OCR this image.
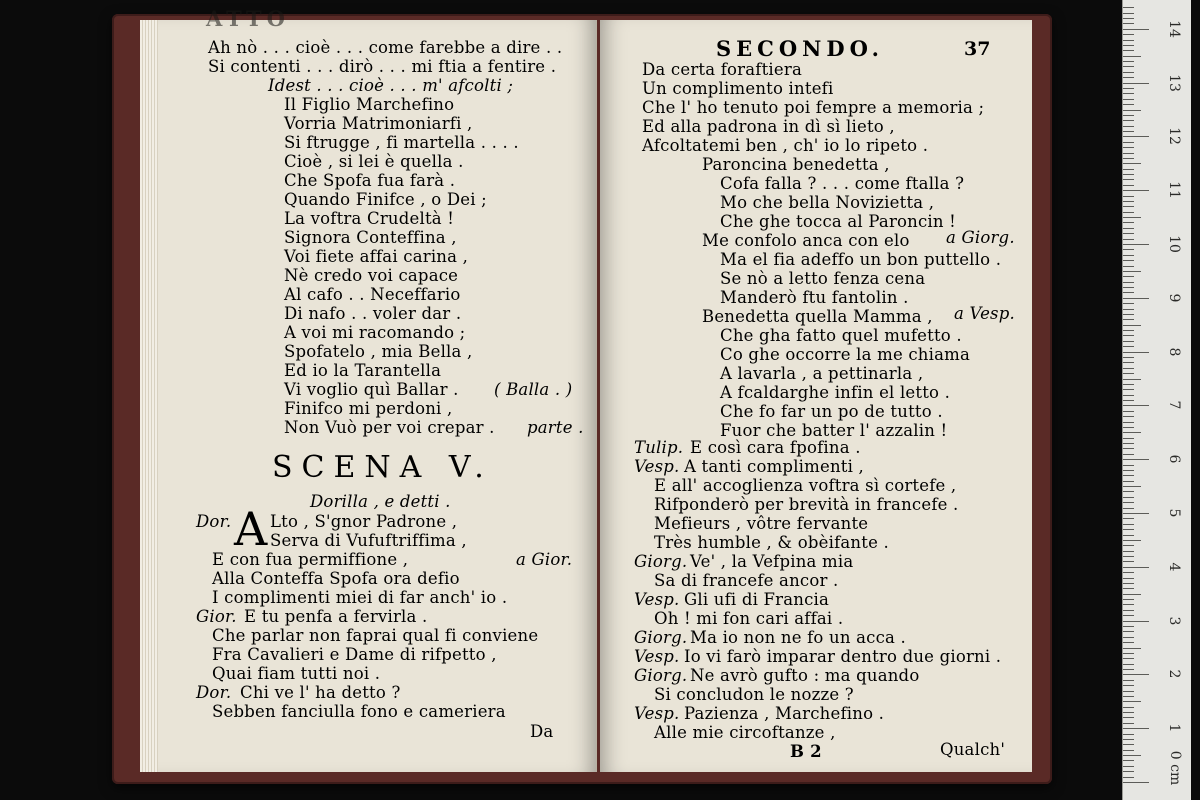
ATTO
Ah nò . . . cioè . . . come farebbe a dire . .
Si contenti . . . dirò . . . mi ftia a fentire .
Idest . . . cioè . . . m' afcolti ;
Il Figlio Marchefino
Vorria Matrimoniarfi ,
Si ftrugge , fi martella . . . .
Cioè , si lei è quella .
Che Spofa fua farà .
Quando Finifce , o Dei ;
La voftra Crudeltà !
Signora Conteffina ,
Voi fiete affai carina ,
Nè credo voi capace
Al cafo . . Neceffario
Di nafo . . voler dar .
A voi mi racomando ;
Spofatelo , mia Bella ,
Ed io la Tarantella
Vi voglio quì Ballar .
Finifco mi perdoni ,
Non Vuò per voi crepar .
( Balla . )
parte .
SCENA V.
Dorilla , e detti .
Dor. A Lto , S'gnor Padrone ,
Serva di Vufuftriffima ,
E con fua permiffione ,	a Gior.
Alla Conteffa Spofa ora defio
I complimenti miei di far anch' io .
Gior. E tu penfa a fervirla .
Che parlar non faprai qual fi conviene
Fra Cavalieri e Dame di rifpetto ,
Quai fiam tutti noi .
Dor. Chi ve l' ha detto ?
Sebben fanciulla fono e cameriera
Da
SECONDO.	37
Da certa foraftiera
Un complimento intefi
Che l' ho tenuto poi fempre a memoria ;
Ed alla padrona in dì sì lieto ,
Afcoltatemi ben , ch' io lo ripeto .
Paroncina benedetta ,
Cofa falla ? . . . come ftalla ?
Mo che bella Novizietta ,
Che ghe tocca al Paroncin !
Me confolo anca con elo
Ma el fia adeffo un bon puttello .
Se nò a letto fenza cena
Manderò ftu fantolin .
Benedetta quella Mamma ,
Che gha fatto quel mufetto .
Co ghe occorre la me chiama
A lavarla , a pettinarla ,
A fcaldarghe infin el letto .
Che fo far un po de tutto .
Fuor che batter l' azzalin !
a Giorg.
a Vesp.
Tulip. E così cara fpofina .
Vesp. A tanti complimenti ,
E all' accoglienza voftra sì cortefe ,
Rifponderò per brevità in francefe .
Mefieurs , vôtre fervante
Très humble , & obèifante .
Giorg. Ve' , la Vefpina mia
Sa di francefe ancor .
Vesp. Gli ufi di Francia
Oh ! mi fon cari affai .
Giorg. Ma io non ne fo un acca .
Vesp. Io vi farò imparar dentro due giorni .
Giorg. Ne avrò gufto : ma quando
Si concludon le nozze ?
Vesp. Pazienza , Marchefino .
Alle mie circoftanze ,
B 2	Qualch'
1
2
3
4
5
6
7
8
9
10
11
12
13
14
0 cm
